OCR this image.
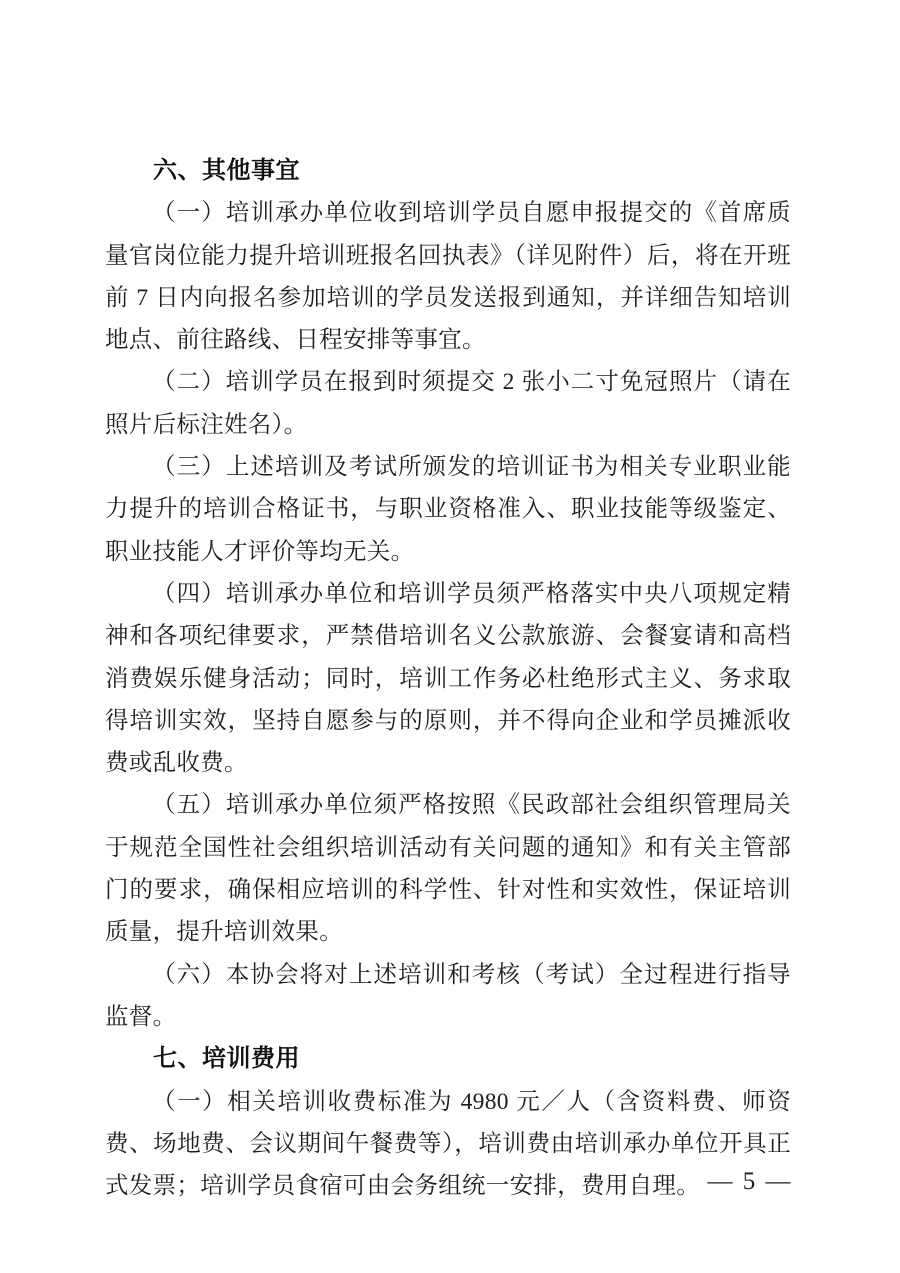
六、其他事宜

（一）培训承办单位收到培训学员自愿申报提交的《首席质量官岗位能力提升培训班报名回执表》（详见附件）后，将在开班前 7 日内向报名参加培训的学员发送报到通知，并详细告知培训地点、前往路线、日程安排等事宜。

（二）培训学员在报到时须提交 2 张小二寸免冠照片（请在照片后标注姓名）。

（三）上述培训及考试所颁发的培训证书为相关专业职业能力提升的培训合格证书，与职业资格准入、职业技能等级鉴定、职业技能人才评价等均无关。

（四）培训承办单位和培训学员须严格落实中央八项规定精神和各项纪律要求，严禁借培训名义公款旅游、会餐宴请和高档消费娱乐健身活动；同时，培训工作务必杜绝形式主义、务求取得培训实效，坚持自愿参与的原则，并不得向企业和学员摊派收费或乱收费。

（五）培训承办单位须严格按照《民政部社会组织管理局关于规范全国性社会组织培训活动有关问题的通知》和有关主管部门的要求，确保相应培训的科学性、针对性和实效性，保证培训质量，提升培训效果。

（六）本协会将对上述培训和考核（考试）全过程进行指导监督。

七、培训费用

（一）相关培训收费标准为 4980 元／人（含资料费、师资费、场地费、会议期间午餐费等），培训费由培训承办单位开具正式发票；培训学员食宿可由会务组统一安排，费用自理。 — 5 —
